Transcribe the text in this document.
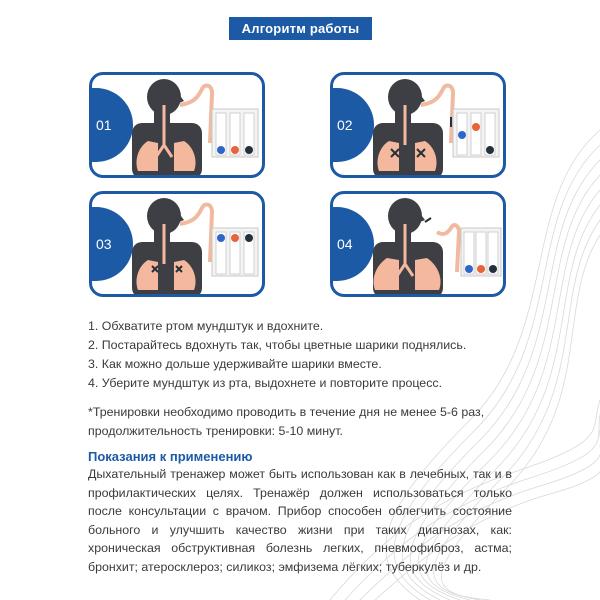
Алгоритм работы
01	02
03	04
1. Обхватите ртом мундштук и вдохните.
2. Постарайтесь вдохнуть так, чтобы цветные шарики поднялись.
3. Как можно дольше удерживайте шарики вместе.
4. Уберите мундштук из рта, выдохнете и повторите процесс.
*Тренировки необходимо проводить в течение дня не менее 5-6 раз, продолжительность тренировки: 5-10 минут.
Показания к применению
Дыхательный тренажер может быть использован как в лечебных, так и в профилактических целях. Тренажёр должен использоваться только после консультации с врачом. Прибор способен облегчить состояние больного и улучшить качество жизни при таких диагнозах, как: хроническая обструктивная болезнь легких, пневмофиброз, астма; бронхит; атеросклероз; силикоз; эмфизема лёгких; туберкулёз и др.
